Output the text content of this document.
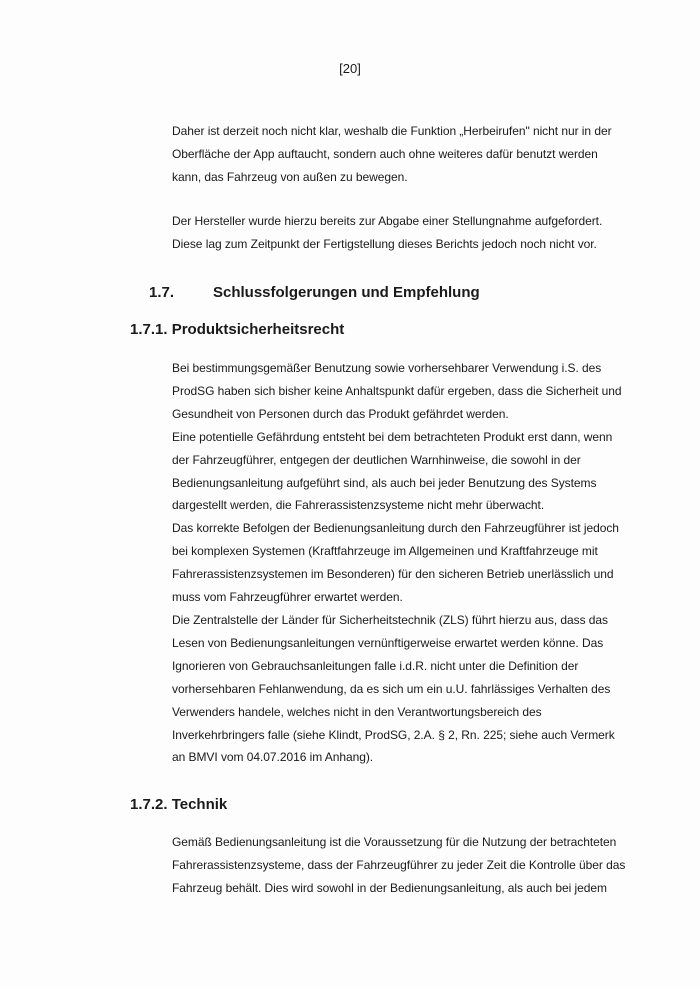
[20]

Daher ist derzeit noch nicht klar, weshalb die Funktion „Herbeirufen" nicht nur in der

Oberfläche der App auftaucht, sondern auch ohne weiteres dafür benutzt werden

kann, das Fahrzeug von außen zu bewegen.

Der Hersteller wurde hierzu bereits zur Abgabe einer Stellungnahme aufgefordert.

Diese lag zum Zeitpunkt der Fertigstellung dieses Berichts jedoch noch nicht vor.

1.7.	Schlussfolgerungen und Empfehlung
1.7.1. Produktsicherheitsrecht

Bei bestimmungsgemäßer Benutzung sowie vorhersehbarer Verwendung i.S. des

ProdSG haben sich bisher keine Anhaltspunkt dafür ergeben, dass die Sicherheit und

Gesundheit von Personen durch das Produkt gefährdet werden.

Eine potentielle Gefährdung entsteht bei dem betrachteten Produkt erst dann, wenn

der Fahrzeugführer, entgegen der deutlichen Warnhinweise, die sowohl in der

Bedienungsanleitung aufgeführt sind, als auch bei jeder Benutzung des Systems

dargestellt werden, die Fahrerassistenzsysteme nicht mehr überwacht.

Das korrekte Befolgen der Bedienungsanleitung durch den Fahrzeugführer ist jedoch

bei komplexen Systemen (Kraftfahrzeuge im Allgemeinen und Kraftfahrzeuge mit

Fahrerassistenzsystemen im Besonderen) für den sicheren Betrieb unerlässlich und

muss vom Fahrzeugführer erwartet werden.

Die Zentralstelle der Länder für Sicherheitstechnik (ZLS) führt hierzu aus, dass das

Lesen von Bedienungsanleitungen vernünftigerweise erwartet werden könne. Das

Ignorieren von Gebrauchsanleitungen falle i.d.R. nicht unter die Definition der

vorhersehbaren Fehlanwendung, da es sich um ein u.U. fahrlässiges Verhalten des

Verwenders handele, welches nicht in den Verantwortungsbereich des

Inverkehrbringers falle (siehe Klindt, ProdSG, 2.A. § 2, Rn. 225; siehe auch Vermerk

an BMVI vom 04.07.2016 im Anhang).

1.7.2. Technik

Gemäß Bedienungsanleitung ist die Voraussetzung für die Nutzung der betrachteten

Fahrerassistenzsysteme, dass der Fahrzeugführer zu jeder Zeit die Kontrolle über das

Fahrzeug behält. Dies wird sowohl in der Bedienungsanleitung, als auch bei jedem
